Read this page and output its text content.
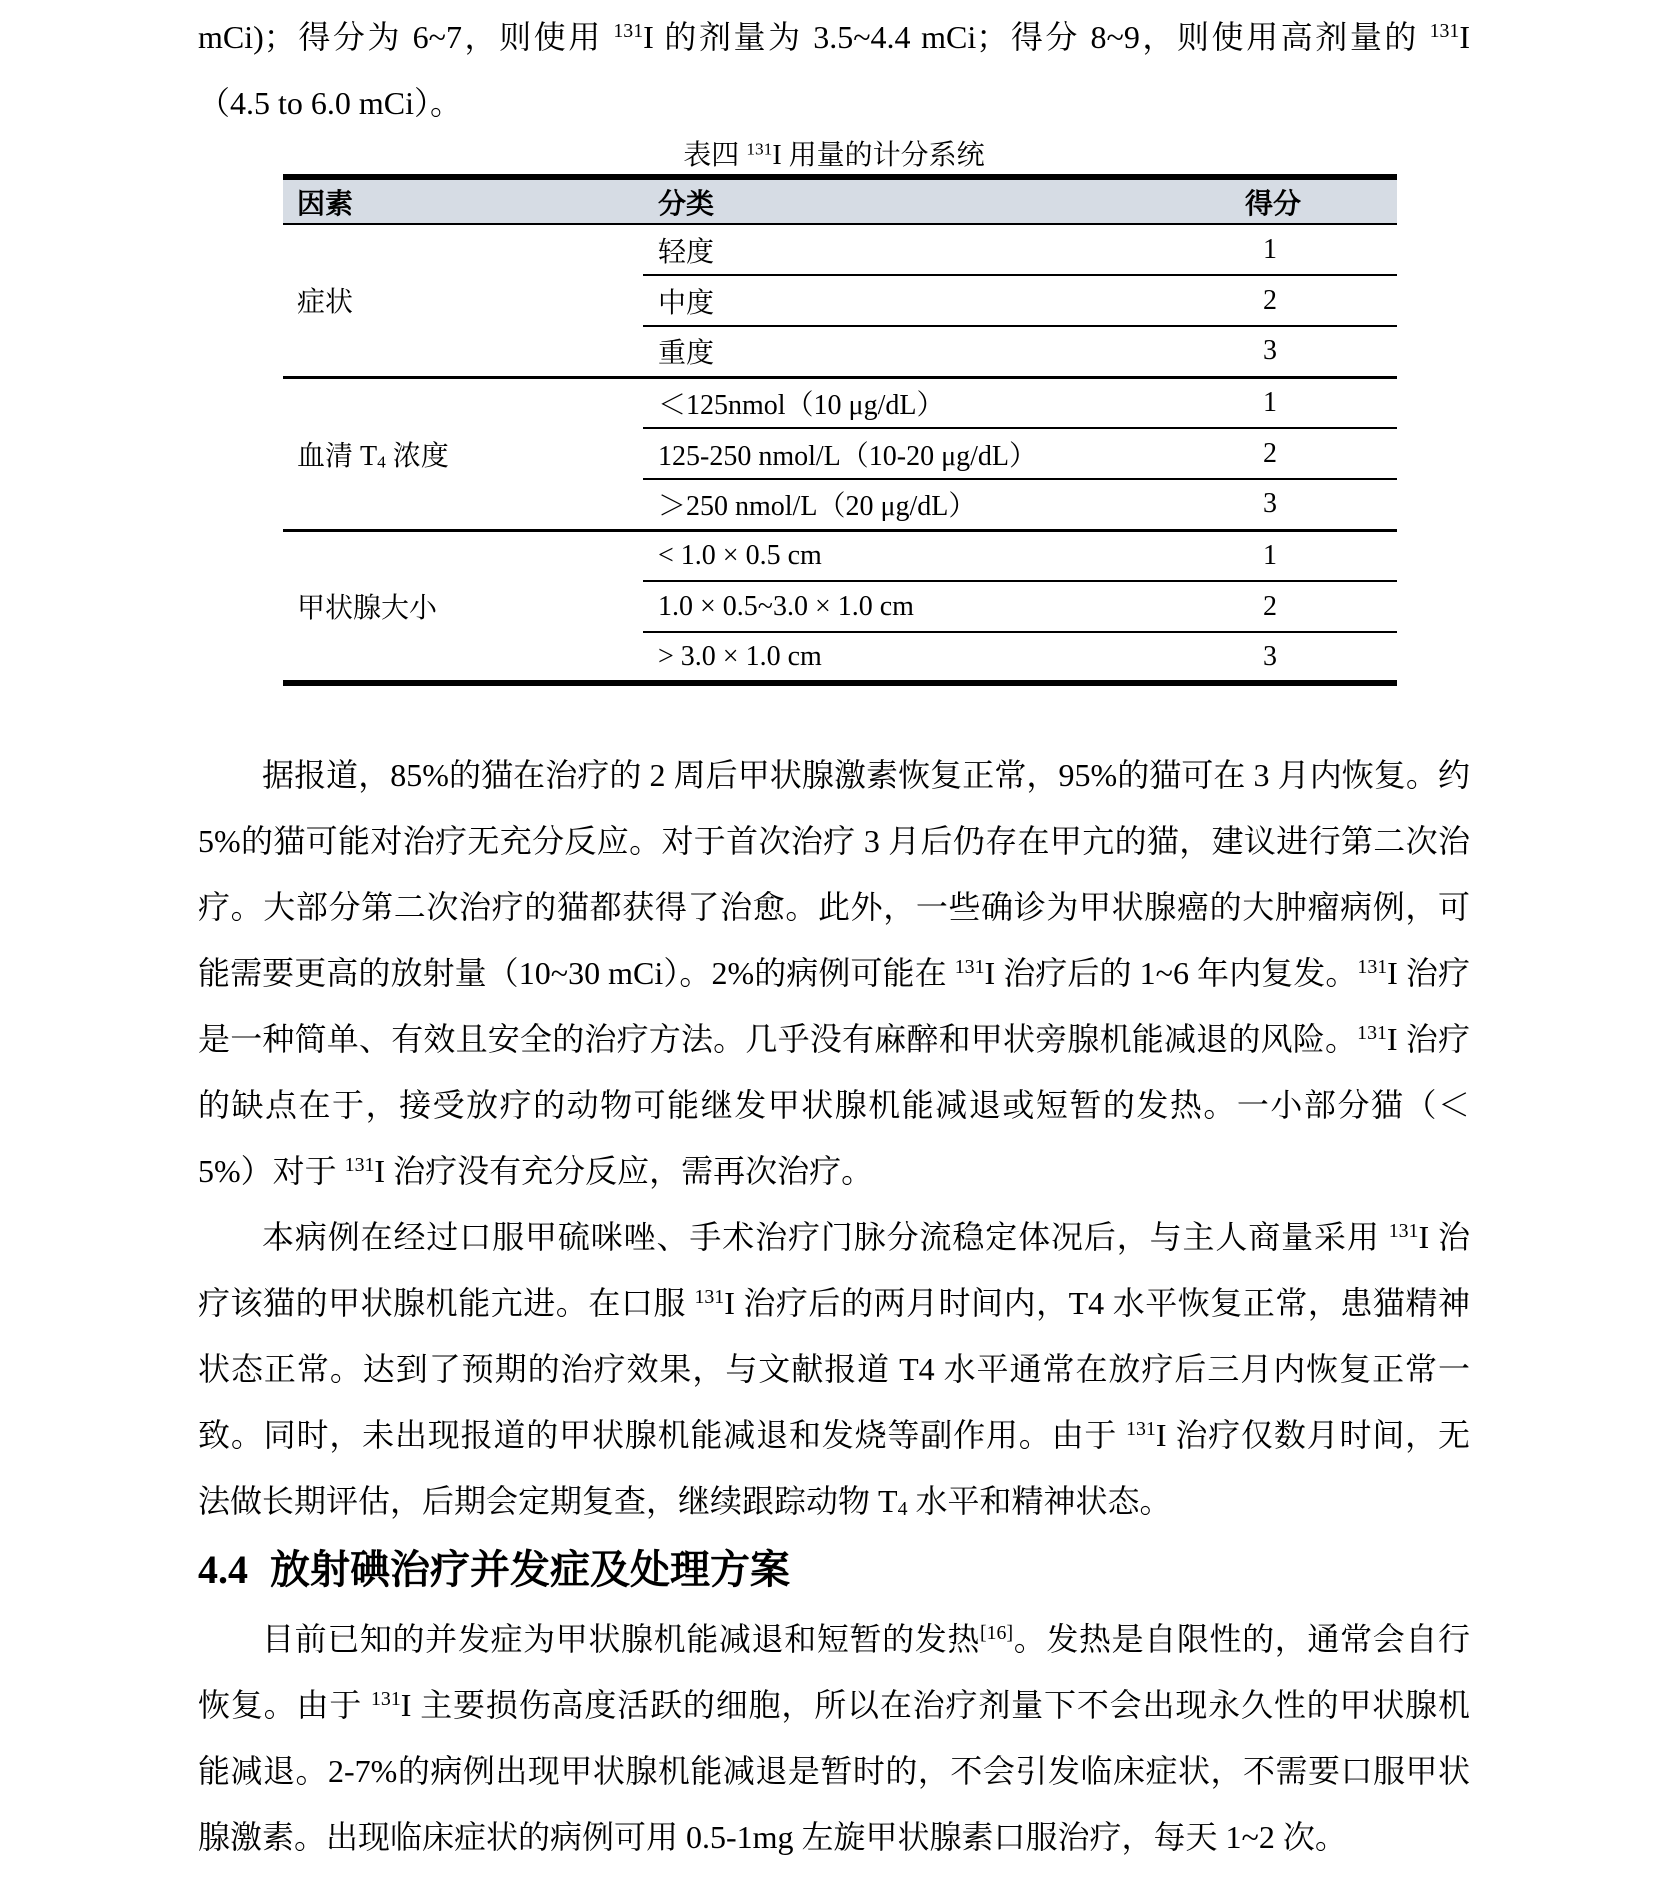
mCi)；得分为 6~7，则使用 $^{131}$I 的剂量为 3.5~4.4 mCi；得分 8~9，则使用高剂量的 $^{131}$I
（4.5 to 6.0 mCi）。
表四 $^{131}$I 用量的计分系统
因素	分类	得分
症状	轻度	1
	中度	2
	重度	3
血清 $T_4$ 浓度	＜125nmol（10 μg/dL）	1
	125-250 nmol/L（10-20 μg/dL）	2
	＞250 nmol/L（20 μg/dL）	3
甲状腺大小	< 1.0 × 0.5 cm	1
	1.0 × 0.5~3.0 × 1.0 cm	2
	> 3.0 × 1.0 cm	3
据报道，85%的猫在治疗的 2 周后甲状腺激素恢复正常，95%的猫可在 3 月内恢复。约 5%的猫可能对治疗无充分反应。对于首次治疗 3 月后仍存在甲亢的猫，建议进行第二次治疗。大部分第二次治疗的猫都获得了治愈。此外，一些确诊为甲状腺癌的大肿瘤病例，可能需要更高的放射量（10~30 mCi）。2%的病例可能在 $^{131}$I 治疗后的 1~6 年内复发。$^{131}$I 治疗是一种简单、有效且安全的治疗方法。几乎没有麻醉和甲状旁腺机能减退的风险。$^{131}$I 治疗的缺点在于，接受放疗的动物可能继发甲状腺机能减退或短暂的发热。一小部分猫（＜5%）对于 $^{131}$I 治疗没有充分反应，需再次治疗。
本病例在经过口服甲硫咪唑、手术治疗门脉分流稳定体况后，与主人商量采用 $^{131}$I 治疗该猫的甲状腺机能亢进。在口服 $^{131}$I 治疗后的两月时间内，T4 水平恢复正常，患猫精神状态正常。达到了预期的治疗效果，与文献报道 T4 水平通常在放疗后三月内恢复正常一致。同时，未出现报道的甲状腺机能减退和发烧等副作用。由于 $^{131}$I 治疗仅数月时间，无法做长期评估，后期会定期复查，继续跟踪动物 $T_4$ 水平和精神状态。
4.4 放射碘治疗并发症及处理方案
目前已知的并发症为甲状腺机能减退和短暂的发热[16]。发热是自限性的，通常会自行恢复。由于 $^{131}$I 主要损伤高度活跃的细胞，所以在治疗剂量下不会出现永久性的甲状腺机能减退。2-7%的病例出现甲状腺机能减退是暂时的，不会引发临床症状，不需要口服甲状腺激素。出现临床症状的病例可用 0.5-1mg 左旋甲状腺素口服治疗，每天 1~2 次。
